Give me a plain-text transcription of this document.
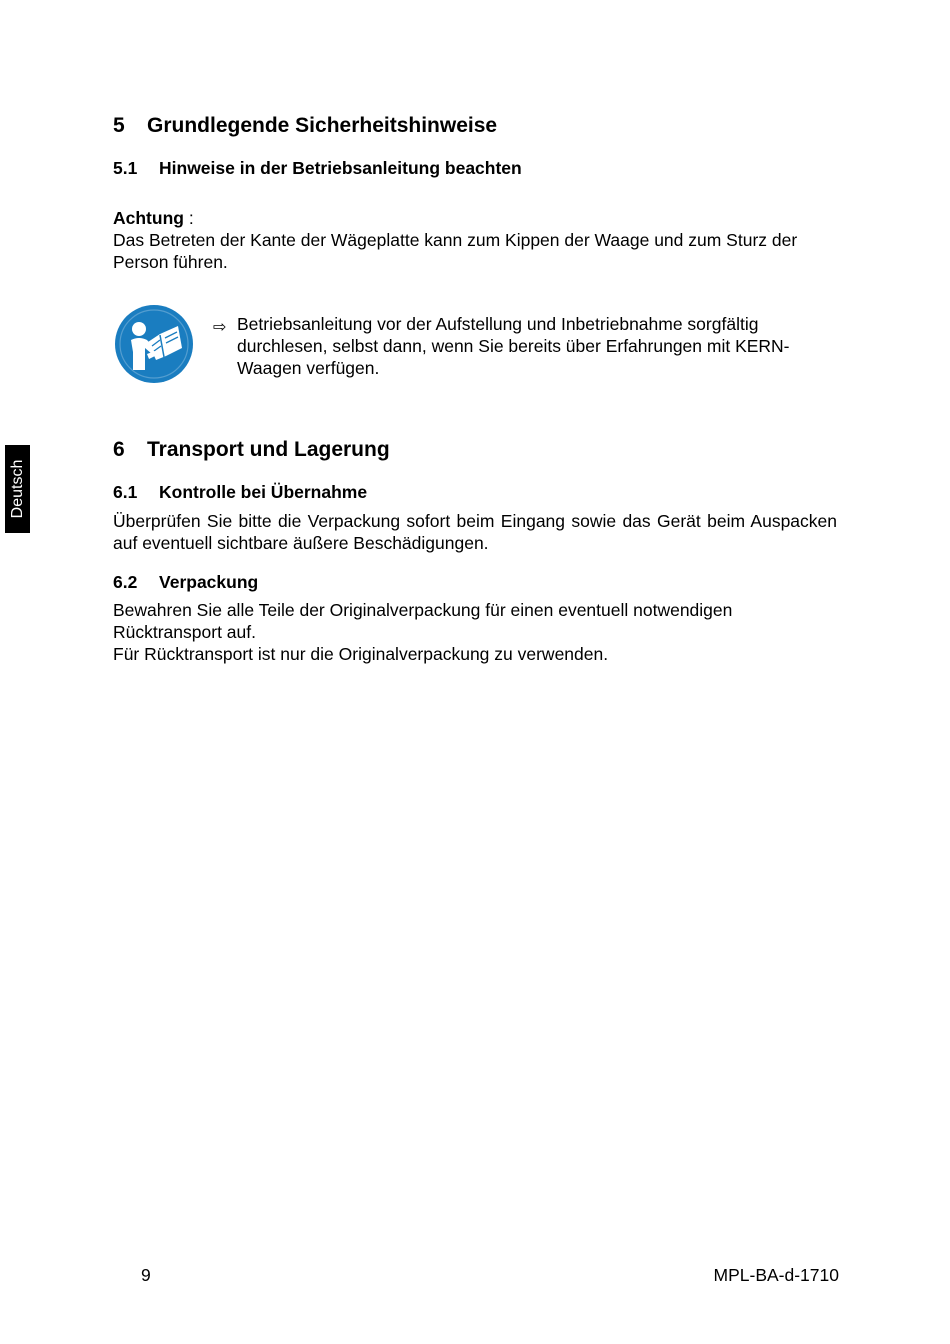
Deutsch
5 Grundlegende Sicherheitshinweise
5.1 Hinweise in der Betriebsanleitung beachten
Achtung :
Das Betreten der Kante der Wägeplatte kann zum Kippen der Waage und zum Sturz der Person führen.
⇨ Betriebsanleitung vor der Aufstellung und Inbetriebnahme sorgfältig durchlesen, selbst dann, wenn Sie bereits über Erfahrungen mit KERN- Waagen verfügen.
6 Transport und Lagerung
6.1 Kontrolle bei Übernahme
Überprüfen Sie bitte die Verpackung sofort beim Eingang sowie das Gerät beim Auspacken auf eventuell sichtbare äußere Beschädigungen.
6.2 Verpackung
Bewahren Sie alle Teile der Originalverpackung für einen eventuell notwendigen Rücktransport auf.
Für Rücktransport ist nur die Originalverpackung zu verwenden.
9	MPL-BA-d-1710
